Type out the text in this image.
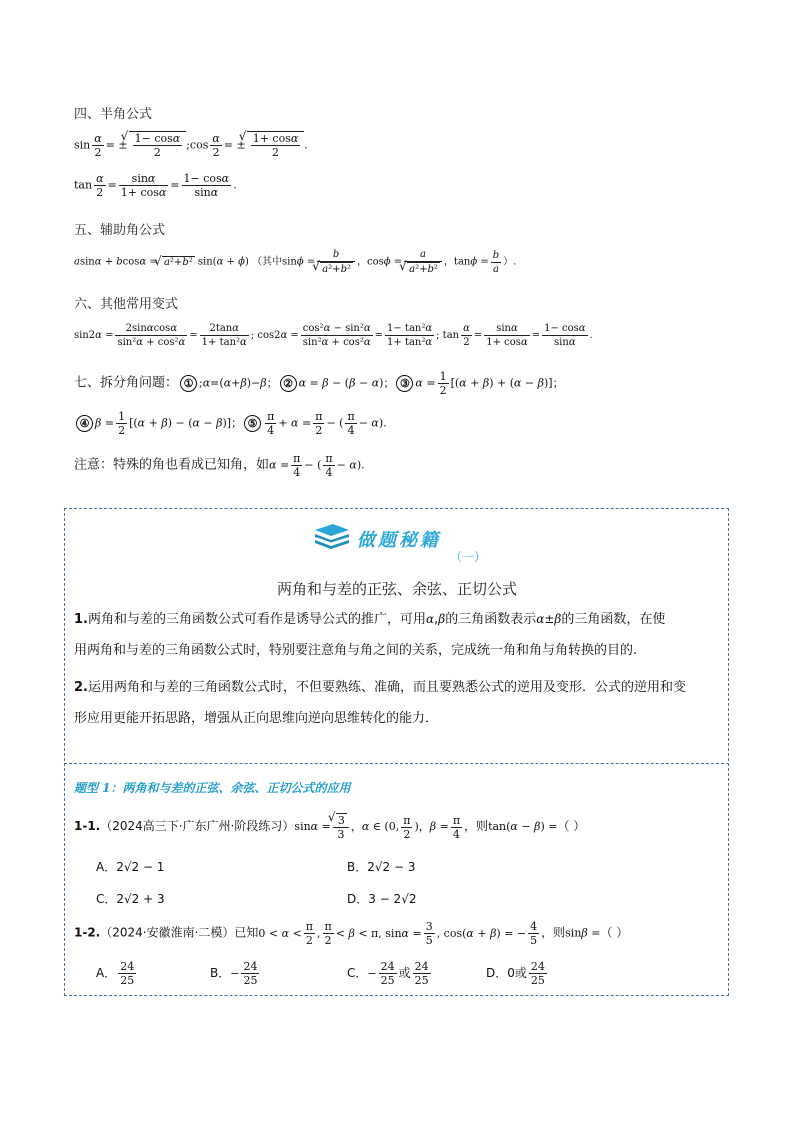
四、半角公式
$\sin \frac{\alpha}{2}$ = ± √ $\frac{1- \cos\alpha}{2}$ ;cos $\frac{\alpha}{2}$ = ± √ $\frac{1+ \cos\alpha}{2}$ .
$\tan \frac{\alpha}{2} = \frac{\sin\alpha}{1+ \cos\alpha} = \frac{1- \cos\alpha}{\sin\alpha}$ .
五、辅助角公式
asinα + bcosα = √ a²+b² sin(α + ϕ) （其中sinϕ = b
√ a²+b² ，cosϕ = a
√ a²+b² ，$\tan\phi = \frac{b}{a}$ ）.
六、其他常用变式
$\sin 2\alpha = \frac{2\sin\alpha\cos\alpha}{\text{sin²α + cos²α}} = \frac{2\tan\alpha}{\text{1+ tan²α}}$ ; $\cos 2\alpha = \frac{\text{cos²α − sin²α}}{\text{sin²α + cos²α}} = \frac{\text{1− tan²α}}{\text{1+ tan²α}}$ ; $\tan \frac{\alpha}{2} = \frac{\sin\alpha}{1+ \cos\alpha} = \frac{1- \cos\alpha}{\sin\alpha}$ .
七、拆分角问题： ① ;α=(α+β)−β； ② α = β − (β − α)； ③ $\alpha = \frac{1}{2} [(\alpha + \beta) + (\alpha - \beta)]$；
④ $\beta = \frac{1}{2} [(\alpha + \beta) - (\alpha - \beta)]$； ⑤ $\frac{\pi}{4} + \alpha = \frac{\pi}{2}$ − ( $\frac{\pi}{4} - \alpha$).
注意：特殊的角也看成已知角，如$\alpha = \frac{\pi}{4}$ − ( $\frac{\pi}{4} - \alpha$).
做题秘籍
（一）
两角和与差的正弦、余弦、正切公式
1.两角和与差的三角函数公式可看作是诱导公式的推广，可用α,β的三角函数表示α±β的三角函数，在使
用两角和与差的三角函数公式时，特别要注意角与角之间的关系，完成统一角和角与角转换的目的.
2.运用两角和与差的三角函数公式时，不但要熟练、准确，而且要熟悉公式的逆用及变形．公式的逆用和变
形应用更能开拓思路，增强从正向思维向逆向思维转化的能力．
题型 1：两角和与差的正弦、余弦、正切公式的应用
1-1.（2024高三下·广东广州·阶段练习）sinα = √ $\frac{3}{3}$ ，α ∈ (0, $\frac{\pi}{2}$ )，$\beta = \frac{\pi}{4}$ ，则tan(α − β) =（ ）
A．2√2 − 1	B．2√2 − 3
C．2√2 + 3	D．3 − 2√2
1-2.（2024·安徽淮南·二模）已知$0 < \alpha < \frac{\pi}{2}$ , $\frac{\pi}{2} < \beta < \pi$, $\sin\alpha = \frac{3}{5}$ , cos(α + β) = − $\frac{4}{5}$ ，则sinβ =（ ）
A． $\frac{24}{25}$	B．− $\frac{24}{25}$	C．− $\frac{24}{25}$ 或 $\frac{24}{25}$	D．0或 $\frac{24}{25}$
